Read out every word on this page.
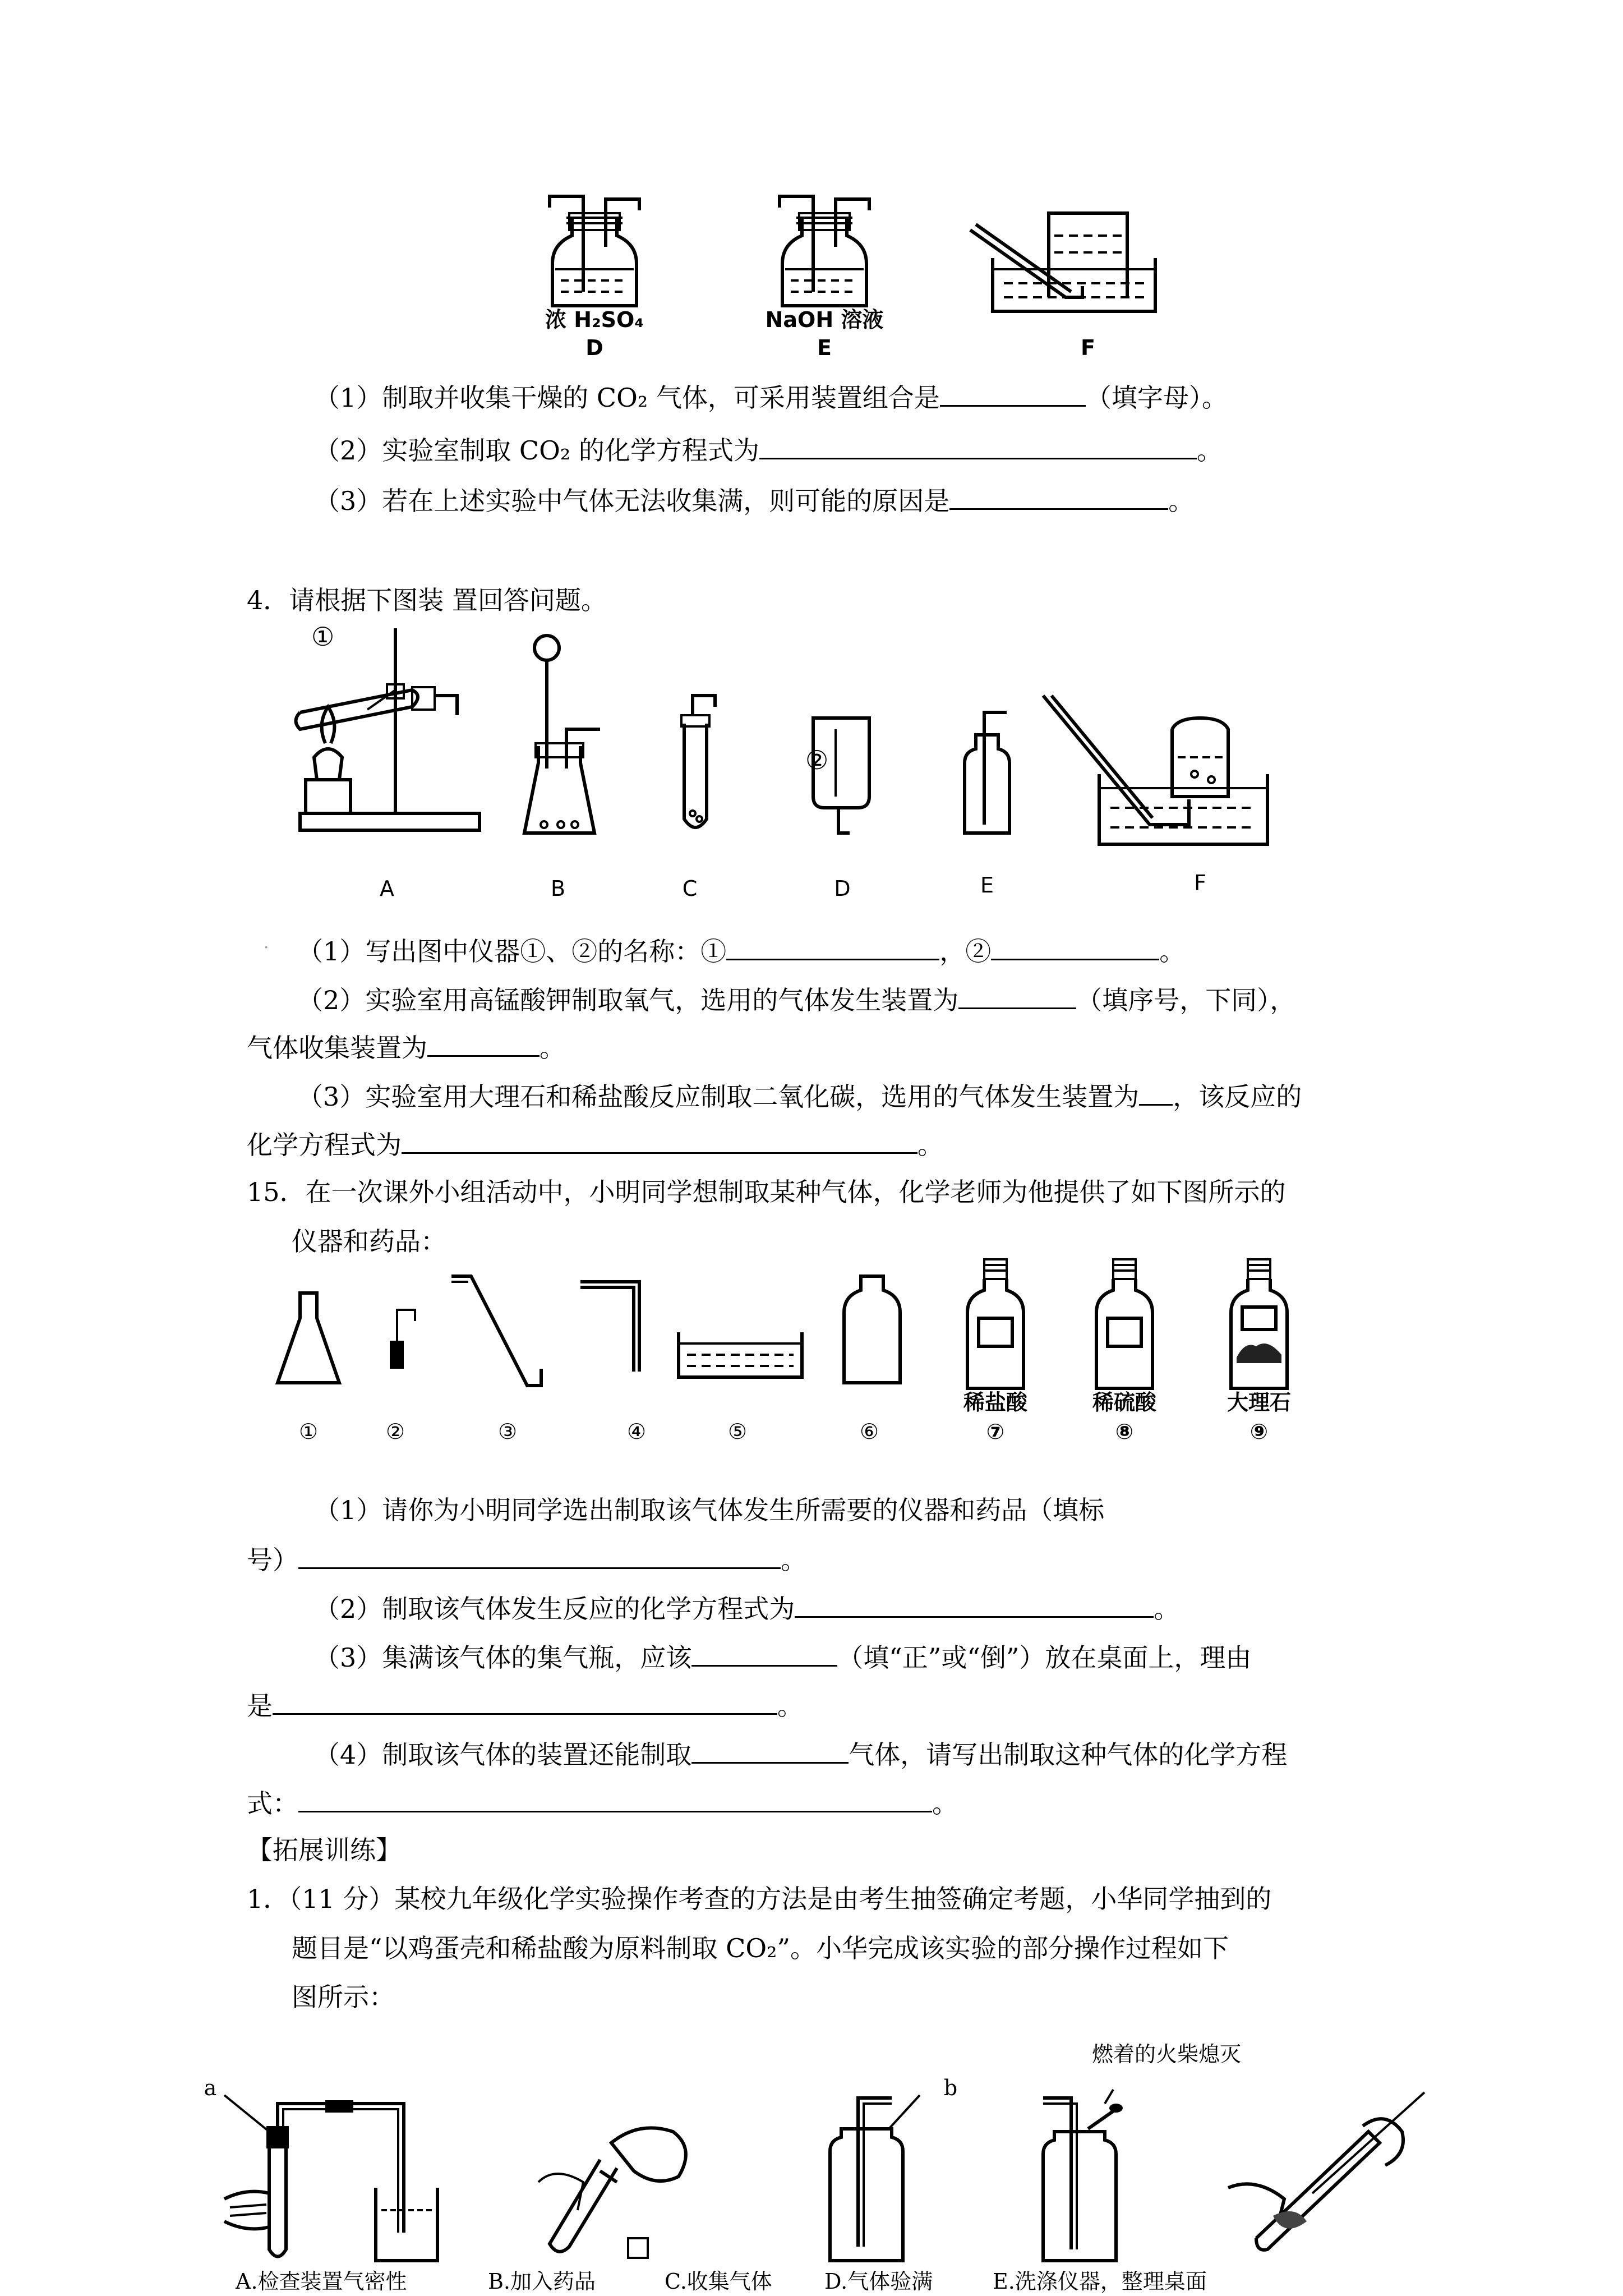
浓 H₂SO₄	NaOH 溶液
D	E	F
（1）制取并收集干燥的 CO₂ 气体，可采用装置组合是	（填字母）。
（2）实验室制取 CO₂ 的化学方程式为	。
（3）若在上述实验中气体无法收集满，则可能的原因是	。
4．请根据下图装 置回答问题。
①
②
A	B	C	D	E	F
· （1）写出图中仪器①、②的名称：①	，②	。
（2）实验室用高锰酸钾制取氧气，选用的气体发生装置为	（填序号，下同），
气体收集装置为	。
（3）实验室用大理石和稀盐酸反应制取二氧化碳，选用的气体发生装置为 ，该反应的
化学方程式为	。
15．在一次课外小组活动中，小明同学想制取某种气体，化学老师为他提供了如下图所示的
仪器和药品：
稀盐酸	稀硫酸	大理石
①	②	③	④	⑤	⑥	⑦	⑧	⑨
（1）请你为小明同学选出制取该气体发生所需要的仪器和药品（填标
号）	。
（2）制取该气体发生反应的化学方程式为	。
（3）集满该气体的集气瓶，应该	（填“正”或“倒”）放在桌面上，理由
是	。
（4）制取该气体的装置还能制取	气体，请写出制取这种气体的化学方程
式：	。
【拓展训练】
1．（11 分）某校九年级化学实验操作考查的方法是由考生抽签确定考题，小华同学抽到的
题目是“以鸡蛋壳和稀盐酸为原料制取 CO₂”。小华完成该实验的部分操作过程如下
图所示：
燃着的火柴熄灭
a	b
A.检查装置气密性	B.加入药品	C.收集气体	D.气体验满	E.洗涤仪器，整理桌面
